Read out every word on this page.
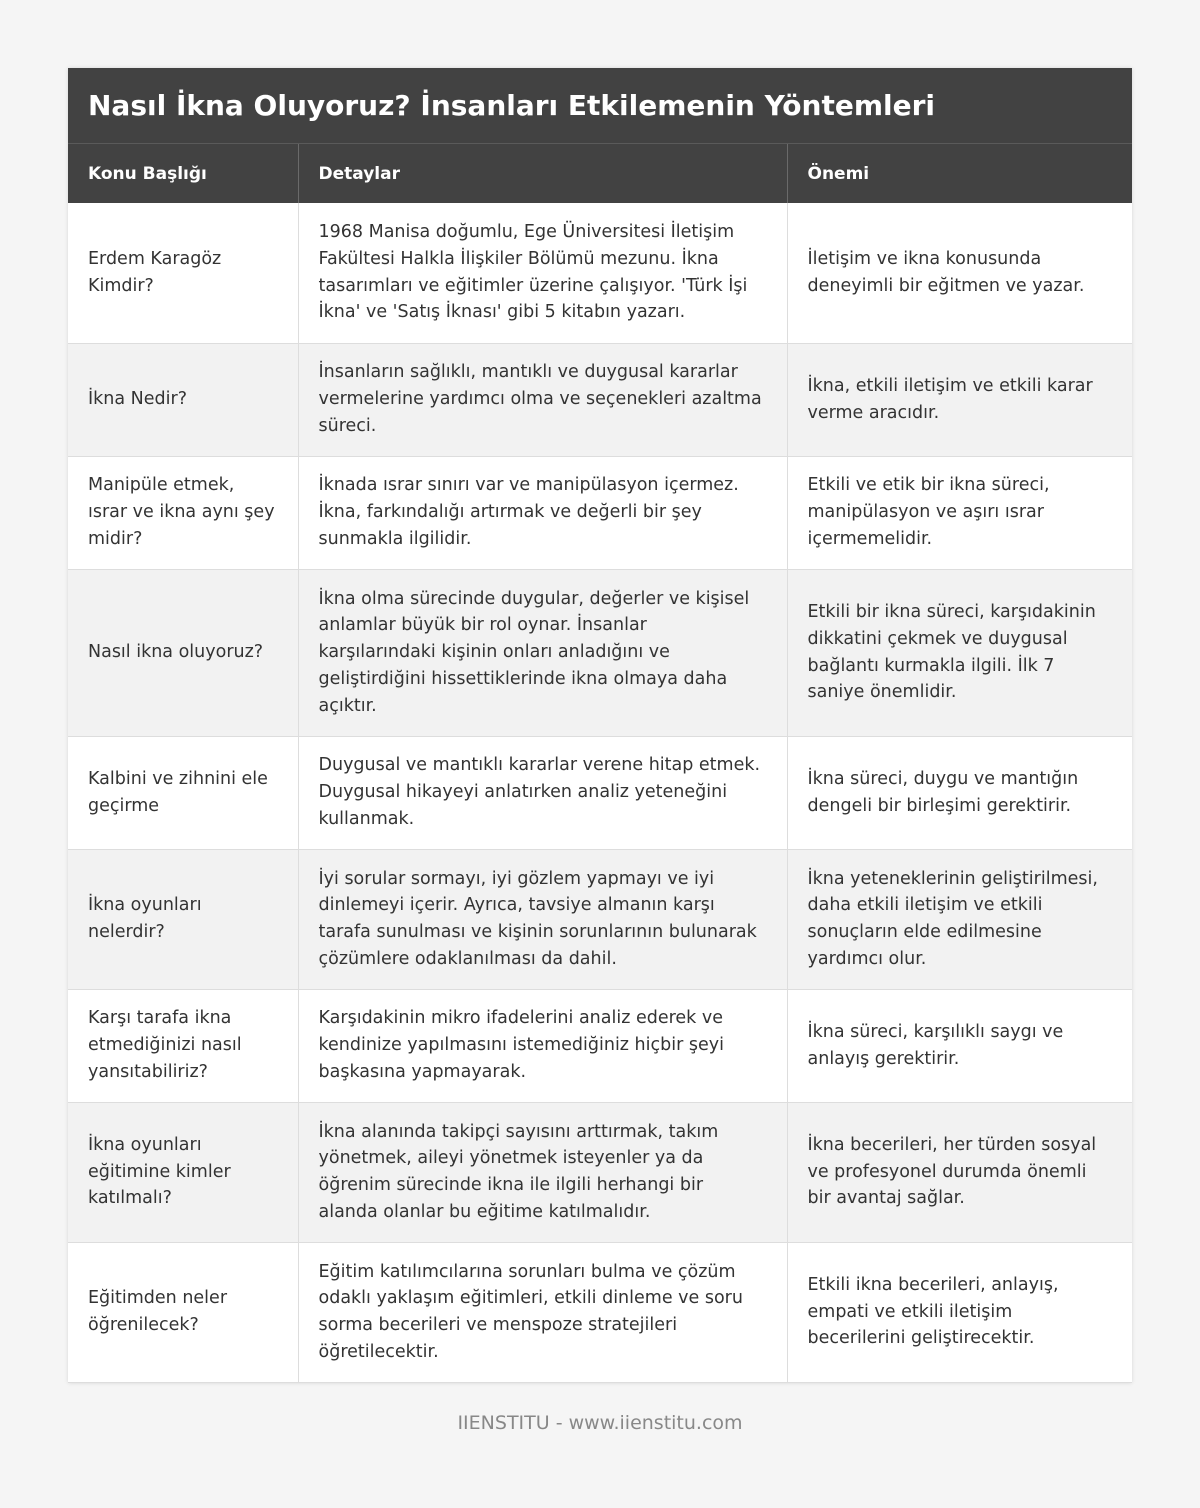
Nasıl İkna Oluyoruz? İnsanları Etkilemenin Yöntemleri
Konu Başlığı	Detaylar	Önemi
Erdem Karagöz Kimdir?	1968 Manisa doğumlu, Ege Üniversitesi İletişim Fakültesi Halkla İlişkiler Bölümü mezunu. İkna tasarımları ve eğitimler üzerine çalışıyor. 'Türk İşi İkna' ve 'Satış İknası' gibi 5 kitabın yazarı.	İletişim ve ikna konusunda deneyimli bir eğitmen ve yazar.
İkna Nedir?	İnsanların sağlıklı, mantıklı ve duygusal kararlar vermelerine yardımcı olma ve seçenekleri azaltma süreci.	İkna, etkili iletişim ve etkili karar verme aracıdır.
Manipüle etmek, ısrar ve ikna aynı şey midir?	İknada ısrar sınırı var ve manipülasyon içermez. İkna, farkındalığı artırmak ve değerli bir şey sunmakla ilgilidir.	Etkili ve etik bir ikna süreci, manipülasyon ve aşırı ısrar içermemelidir.
Nasıl ikna oluyoruz?	İkna olma sürecinde duygular, değerler ve kişisel anlamlar büyük bir rol oynar. İnsanlar karşılarındaki kişinin onları anladığını ve geliştirdiğini hissettiklerinde ikna olmaya daha açıktır.	Etkili bir ikna süreci, karşıdakinin dikkatini çekmek ve duygusal bağlantı kurmakla ilgili. İlk 7 saniye önemlidir.
Kalbini ve zihnini ele geçirme	Duygusal ve mantıklı kararlar verene hitap etmek. Duygusal hikayeyi anlatırken analiz yeteneğini kullanmak.	İkna süreci, duygu ve mantığın dengeli bir birleşimi gerektirir.
İkna oyunları nelerdir?	İyi sorular sormayı, iyi gözlem yapmayı ve iyi dinlemeyi içerir. Ayrıca, tavsiye almanın karşı tarafa sunulması ve kişinin sorunlarının bulunarak çözümlere odaklanılması da dahil.	İkna yeteneklerinin geliştirilmesi, daha etkili iletişim ve etkili sonuçların elde edilmesine yardımcı olur.
Karşı tarafa ikna etmediğinizi nasıl yansıtabiliriz?	Karşıdakinin mikro ifadelerini analiz ederek ve kendinize yapılmasını istemediğiniz hiçbir şeyi başkasına yapmayarak.	İkna süreci, karşılıklı saygı ve anlayış gerektirir.
İkna oyunları eğitimine kimler katılmalı?	İkna alanında takipçi sayısını arttırmak, takım yönetmek, aileyi yönetmek isteyenler ya da öğrenim sürecinde ikna ile ilgili herhangi bir alanda olanlar bu eğitime katılmalıdır.	İkna becerileri, her türden sosyal ve profesyonel durumda önemli bir avantaj sağlar.
Eğitimden neler öğrenilecek?	Eğitim katılımcılarına sorunları bulma ve çözüm odaklı yaklaşım eğitimleri, etkili dinleme ve soru sorma becerileri ve menspoze stratejileri öğretilecektir.	Etkili ikna becerileri, anlayış, empati ve etkili iletişim becerilerini geliştirecektir.
IIENSTITU - www.iienstitu.com
